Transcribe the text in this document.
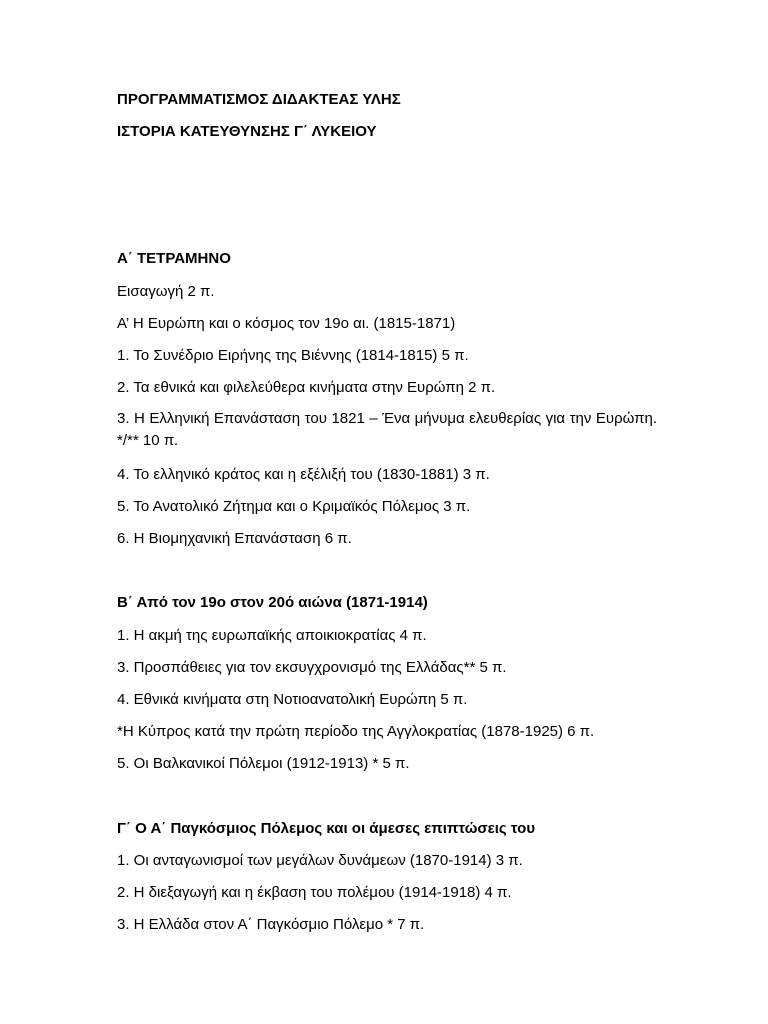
ΠΡΟΓΡΑΜΜΑΤΙΣΜΟΣ ΔΙΔΑΚΤΕΑΣ ΥΛΗΣ
ΙΣΤΟΡΙΑ ΚΑΤΕΥΘΥΝΣΗΣ Γ΄ ΛΥΚΕΙΟΥ
Α΄ ΤΕΤΡΑΜΗΝΟ
Εισαγωγή 2 π.
Α’ Η Ευρώπη και ο κόσμος τον 19ο αι. (1815-1871)
1. Το Συνέδριο Ειρήνης της Βιέννης (1814-1815) 5 π.
2. Τα εθνικά και φιλελεύθερα κινήματα στην Ευρώπη 2 π.
3. Η Ελληνική Επανάσταση του 1821 – Ένα μήνυμα ελευθερίας για την Ευρώπη. */** 10 π.
4. Το ελληνικό κράτος και η εξέλιξή του (1830-1881) 3 π.
5. Το Ανατολικό Ζήτημα και ο Κριμαϊκός Πόλεμος 3 π.
6. Η Βιομηχανική Επανάσταση 6 π.
Β΄ Από τον 19ο στον 20ό αιώνα (1871-1914)
1. Η ακμή της ευρωπαϊκής αποικιοκρατίας 4 π.
3. Προσπάθειες για τον εκσυγχρονισμό της Ελλάδας** 5 π.
4. Εθνικά κινήματα στη Νοτιοανατολική Ευρώπη 5 π.
*Η Κύπρος κατά την πρώτη περίοδο της Αγγλοκρατίας (1878-1925) 6 π.
5. Οι Βαλκανικοί Πόλεμοι (1912-1913) * 5 π.
Γ΄ Ο Α΄ Παγκόσμιος Πόλεμος και οι άμεσες επιπτώσεις του
1. Οι ανταγωνισμοί των μεγάλων δυνάμεων (1870-1914) 3 π.
2. Η διεξαγωγή και η έκβαση του πολέμου (1914-1918) 4 π.
3. Η Ελλάδα στον Α΄ Παγκόσμιο Πόλεμο * 7 π.
